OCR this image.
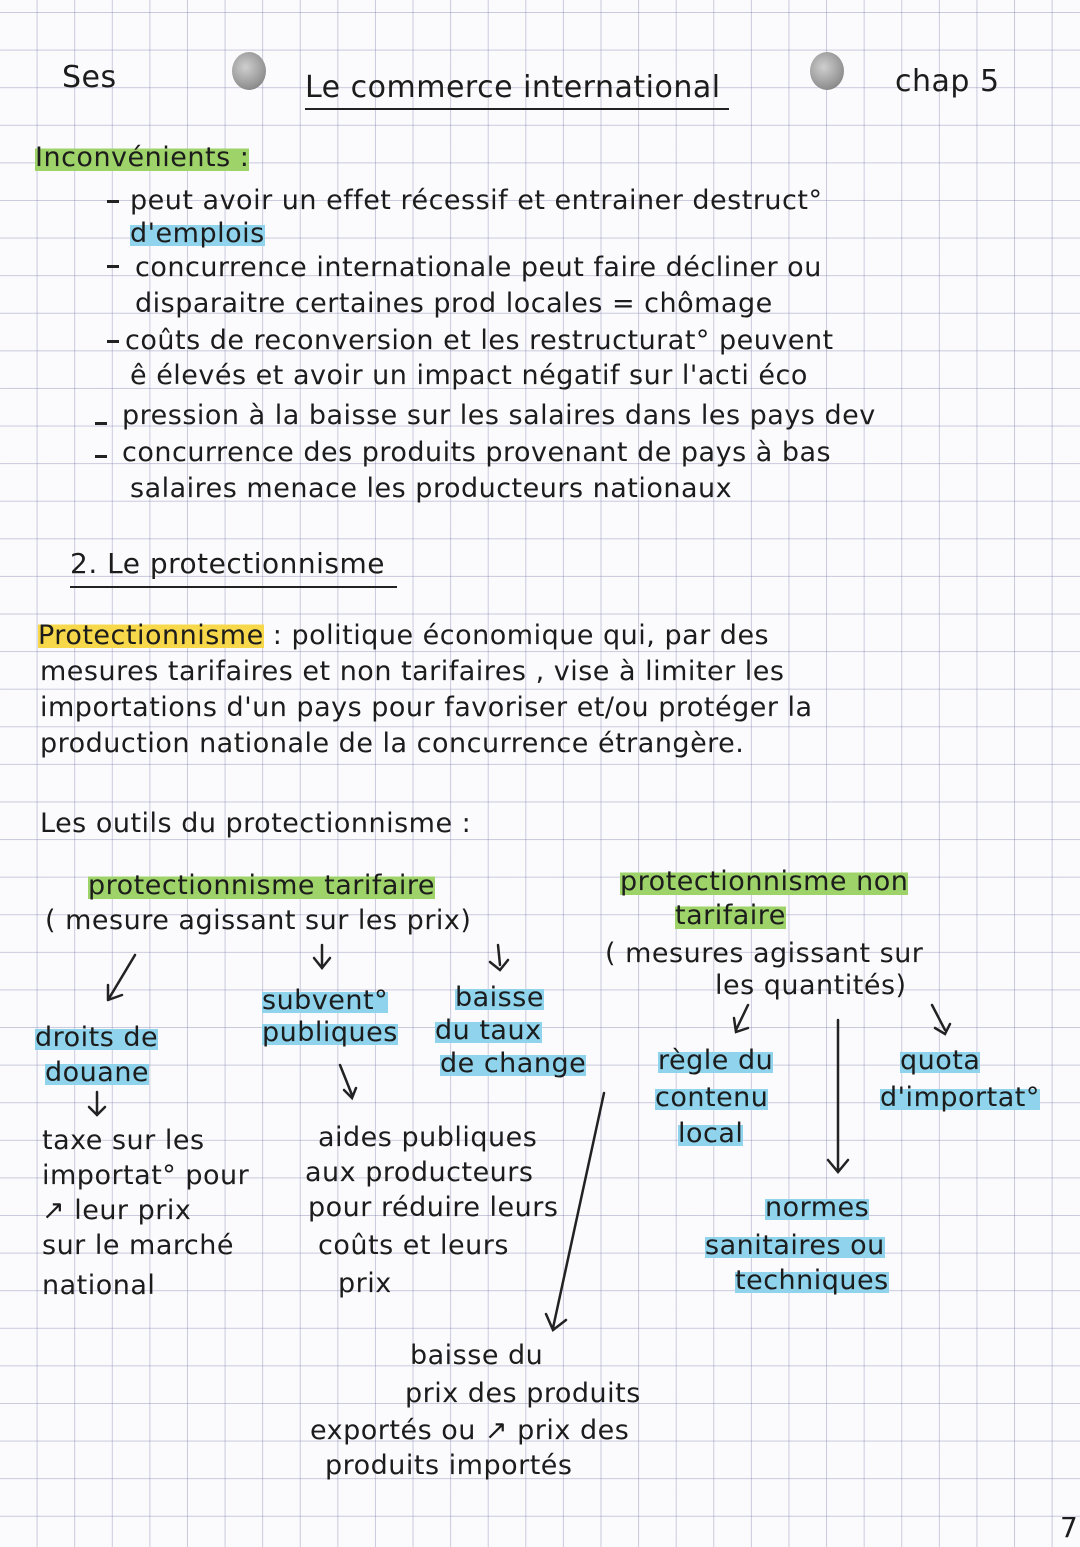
Ses	Le commerce international	chap 5
Inconvénients :
peut avoir un effet récessif et entrainer destruct°
d'emplois
concurrence internationale peut faire décliner ou
disparaitre certaines prod locales = chômage
coûts de reconversion et les restructurat° peuvent
ê élevés et avoir un impact négatif sur l'acti éco
pression à la baisse sur les salaires dans les pays dev
concurrence des produits provenant de pays à bas
salaires menace les producteurs nationaux
2. Le protectionnisme
Protectionnisme : politique économique qui, par des
mesures tarifaires et non tarifaires , vise à limiter les
importations d'un pays pour favoriser et/ou protéger la
production nationale de la concurrence étrangère.
Les outils du protectionnisme :
protectionnisme tarifaire
( mesure agissant sur les prix)
droits de
douane
taxe sur les
importat° pour
↗ leur prix
sur le marché
national
subvent°
publiques
aides publiques
aux producteurs
pour réduire leurs
coûts et leurs
prix
baisse
du taux
de change
baisse du
prix des produits
exportés ou ↗ prix des
produits importés
protectionnisme non
tarifaire
( mesures agissant sur
les quantités)
règle du
contenu
local
quota
d'importat°
normes
sanitaires ou
techniques
7
